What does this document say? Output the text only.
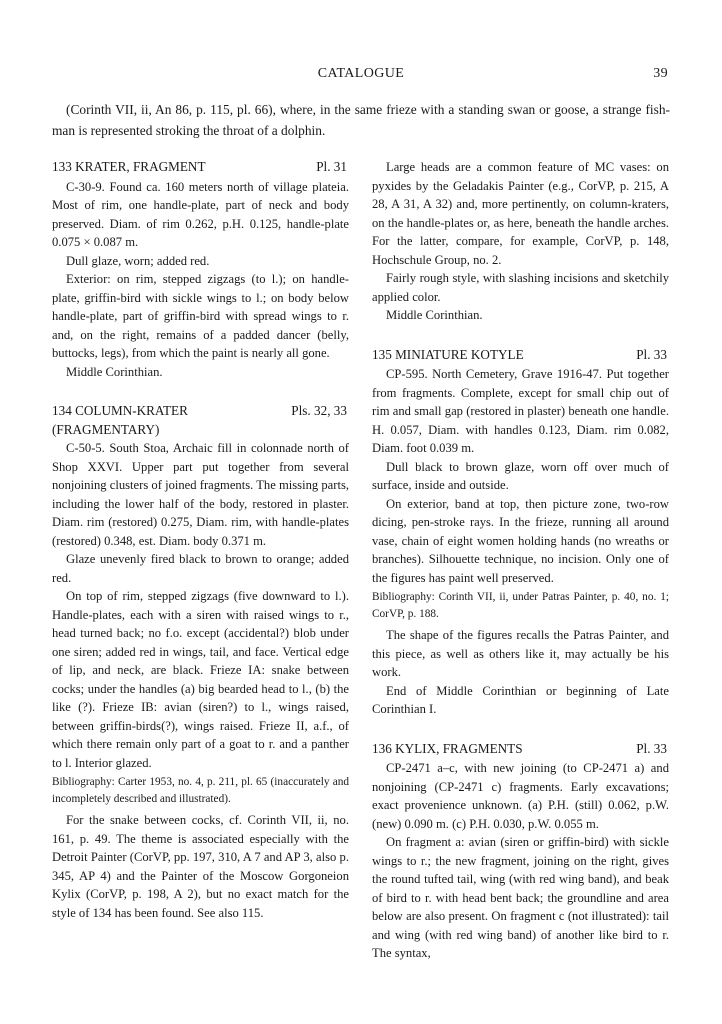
CATALOGUE	39

(Corinth VII, ii, An 86, p. 115, pl. 66), where, in the same frieze with a standing swan or goose, a strange fish-man is represented stroking the throat of a dolphin.

133 KRATER, FRAGMENT	Pl. 31

C-30-9. Found ca. 160 meters north of village plateia. Most of rim, one handle-plate, part of neck and body preserved. Diam. of rim 0.262, p.H. 0.125, handle-plate 0.075 × 0.087 m.

Dull glaze, worn; added red.

Exterior: on rim, stepped zigzags (to l.); on handle-plate, griffin-bird with sickle wings to l.; on body below handle-plate, part of griffin-bird with spread wings to r. and, on the right, remains of a padded dancer (belly, buttocks, legs), from which the paint is nearly all gone.

Middle Corinthian.

134 COLUMN-KRATER	Pls. 32, 33

(FRAGMENTARY)

C-50-5. South Stoa, Archaic fill in colonnade north of Shop XXVI. Upper part put together from several nonjoining clusters of joined fragments. The missing parts, including the lower half of the body, restored in plaster. Diam. rim (restored) 0.275, Diam. rim, with handle-plates (restored) 0.348, est. Diam. body 0.371 m.

Glaze unevenly fired black to brown to orange; added red.

On top of rim, stepped zigzags (five downward to l.). Handle-plates, each with a siren with raised wings to r., head turned back; no f.o. except (accidental?) blob under one siren; added red in wings, tail, and face. Vertical edge of lip, and neck, are black. Frieze IA: snake between cocks; under the handles (a) big bearded head to l., (b) the like (?). Frieze IB: avian (siren?) to l., wings raised, between griffin-birds(?), wings raised. Frieze II, a.f., of which there remain only part of a goat to r. and a panther to l. Interior glazed.

Bibliography: Carter 1953, no. 4, p. 211, pl. 65 (inaccurately and incompletely described and illustrated).

For the snake between cocks, cf. Corinth VII, ii, no. 161, p. 49. The theme is associated especially with the Detroit Painter (CorVP, pp. 197, 310, A 7 and AP 3, also p. 345, AP 4) and the Painter of the Moscow Gorgoneion Kylix (CorVP, p. 198, A 2), but no exact match for the style of 134 has been found. See also 115.

Large heads are a common feature of MC vases: on pyxides by the Geladakis Painter (e.g., CorVP, p. 215, A 28, A 31, A 32) and, more pertinently, on column-kraters, on the handle-plates or, as here, beneath the handle arches. For the latter, compare, for example, CorVP, p. 148, Hochschule Group, no. 2.

Fairly rough style, with slashing incisions and sketchily applied color.

Middle Corinthian.

135 MINIATURE KOTYLE	Pl. 33

CP-595. North Cemetery, Grave 1916-47. Put together from fragments. Complete, except for small chip out of rim and small gap (restored in plaster) beneath one handle. H. 0.057, Diam. with handles 0.123, Diam. rim 0.082, Diam. foot 0.039 m.

Dull black to brown glaze, worn off over much of surface, inside and outside.

On exterior, band at top, then picture zone, two-row dicing, pen-stroke rays. In the frieze, running all around vase, chain of eight women holding hands (no wreaths or branches). Silhouette technique, no incision. Only one of the figures has paint well preserved.

Bibliography: Corinth VII, ii, under Patras Painter, p. 40, no. 1; CorVP, p. 188.

The shape of the figures recalls the Patras Painter, and this piece, as well as others like it, may actually be his work.

End of Middle Corinthian or beginning of Late Corinthian I.

136 KYLIX, FRAGMENTS	Pl. 33

CP-2471 a–c, with new joining (to CP-2471 a) and nonjoining (CP-2471 c) fragments. Early excavations; exact provenience unknown. (a) P.H. (still) 0.062, p.W. (new) 0.090 m. (c) P.H. 0.030, p.W. 0.055 m.

On fragment a: avian (siren or griffin-bird) with sickle wings to r.; the new fragment, joining on the right, gives the round tufted tail, wing (with red wing band), and beak of bird to r. with head bent back; the groundline and area below are also present. On fragment c (not illustrated): tail and wing (with red wing band) of another like bird to r. The syntax,
